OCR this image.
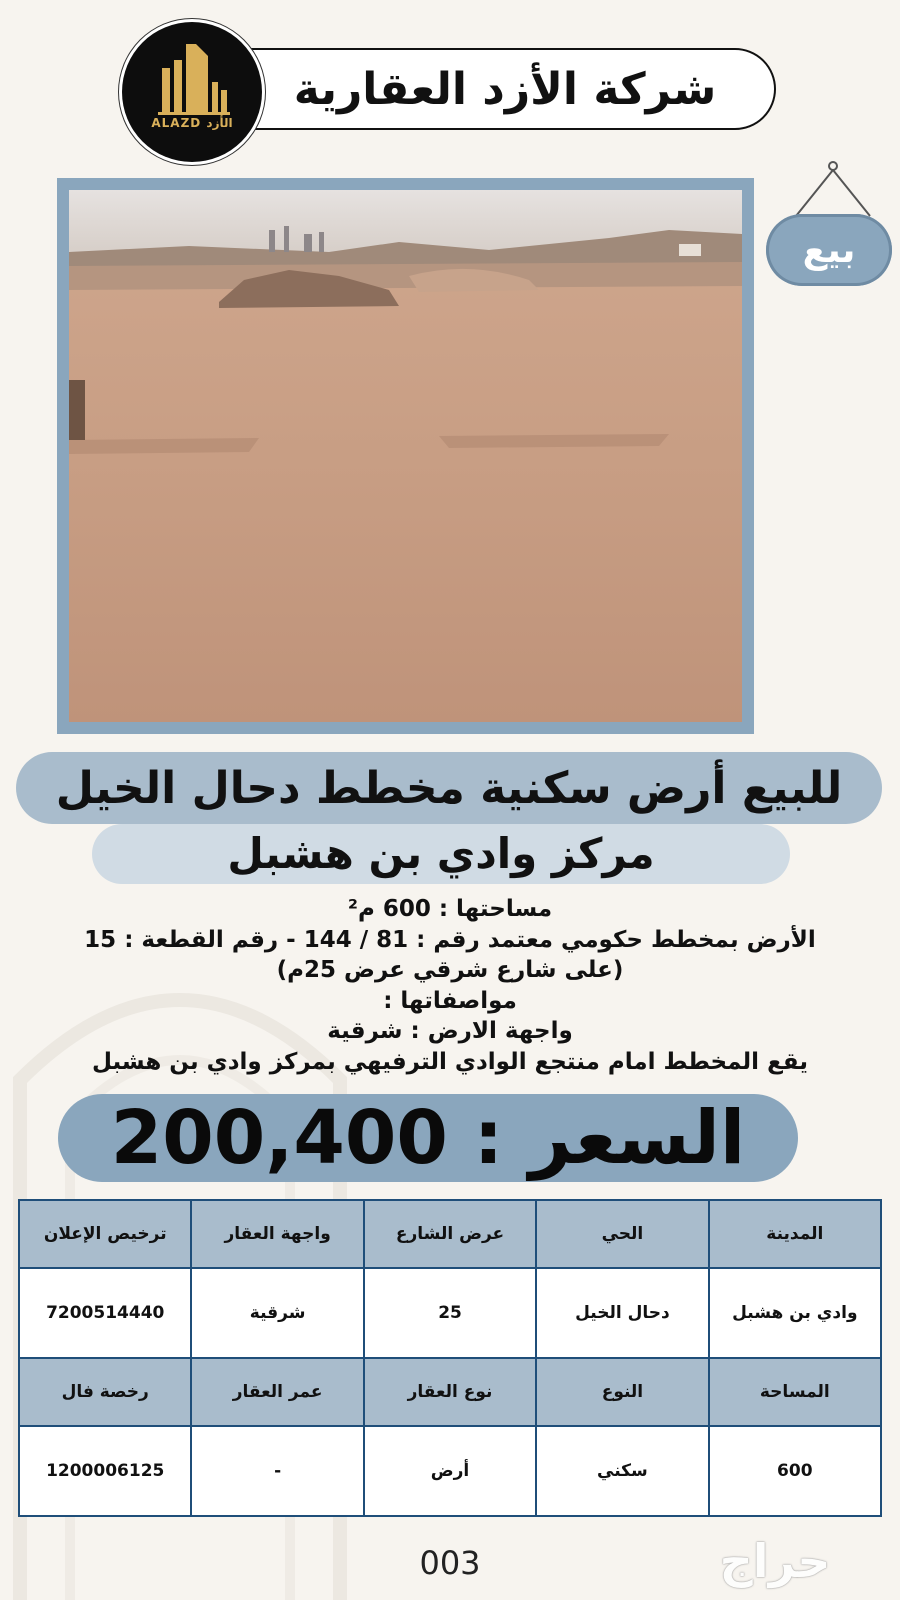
شركة الأزد العقارية
ALAZD الأزد
بيع
للبيع أرض سكنية مخطط دحال الخيل
مركز وادي بن هشبل
مساحتها : 600 م²
الأرض بمخطط حكومي معتمد رقم : 81 / 144 - رقم القطعة : 15
(على شارع شرقي عرض 25م)
مواصفاتها :
واجهة الارض : شرقية
يقع المخطط امام منتجع الوادي الترفيهي بمركز وادي بن هشبل
السعر : 200,400
المدينة	الحي	عرض الشارع	واجهة العقار	ترخيص الإعلان
وادي بن هشبل	دحال الخيل	25	شرقية	7200514440
المساحة	النوع	نوع العقار	عمر العقار	رخصة فال
600	سكني	أرض	-	1200006125
003	حراج
